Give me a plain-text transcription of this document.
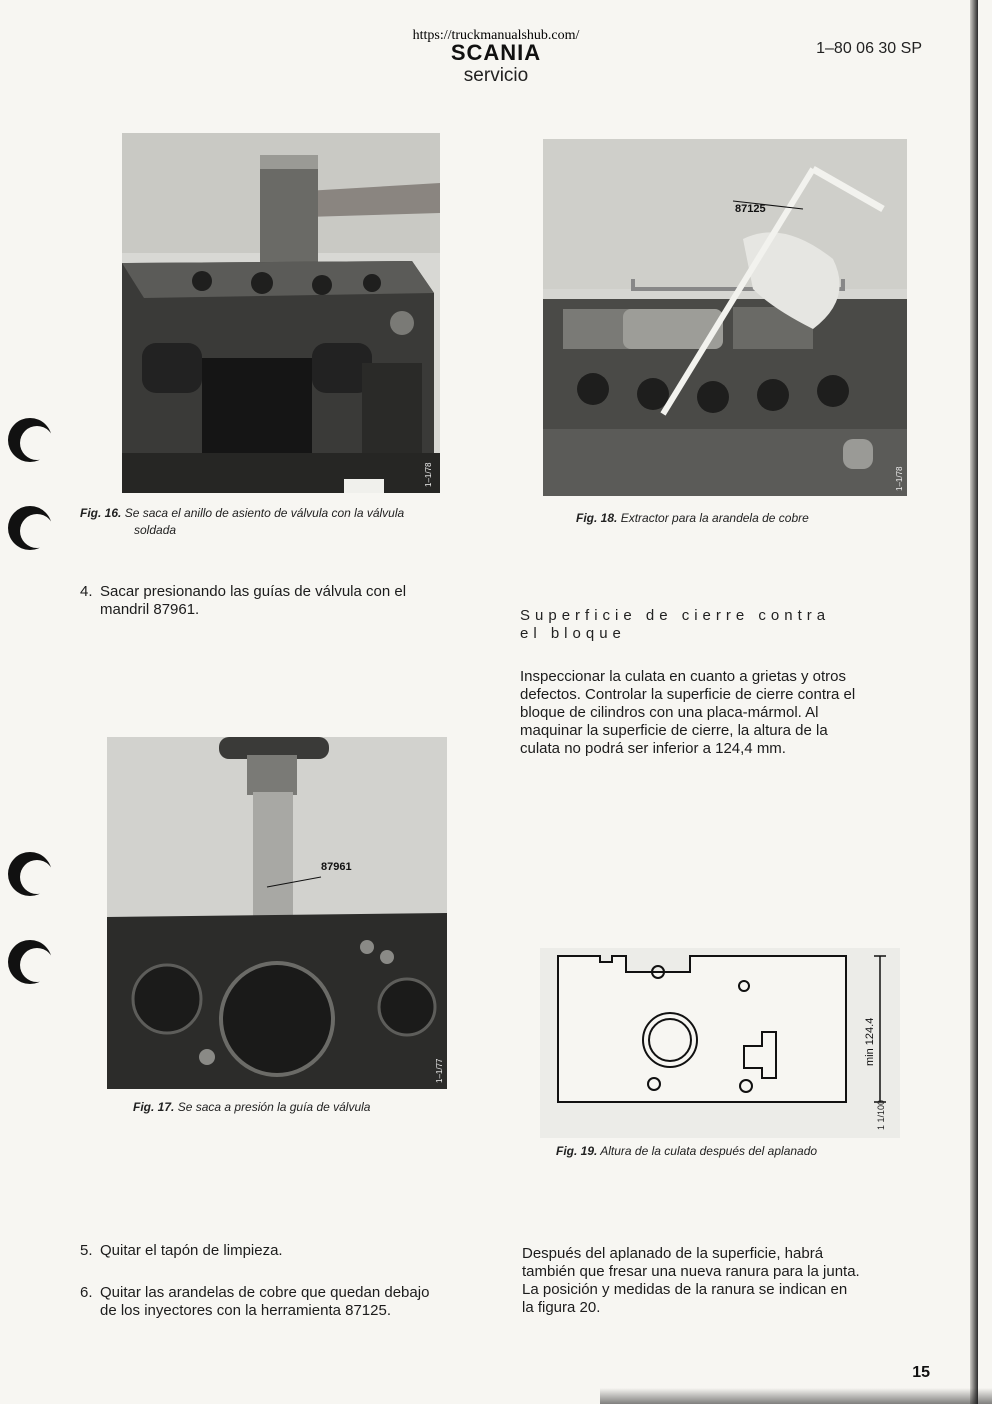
https://truckmanualshub.com/
SCANIA
servicio
1–80 06 30 SP
1–1/78
Fig. 16. Se saca el anillo de asiento de válvula con la válvula
soldada
87125
1–1/78
Fig. 18. Extractor para la arandela de cobre
4. Sacar presionando las guías de válvula con el
mandril 87961.	Superficie de cierre contra
el bloque
Inspeccionar la culata en cuanto a grietas y otros
defectos. Controlar la superficie de cierre contra el
bloque de cilindros con una placa-mármol. Al
maquinar la superficie de cierre, la altura de la
culata no podrá ser inferior a 124,4 mm.
87961
1–1/77
Fig. 17. Se saca a presión la guía de válvula
min 124.4
1 1/100
Fig. 19. Altura de la culata después del aplanado
5. Quitar el tapón de limpieza.
6. Quitar las arandelas de cobre que quedan debajo
de los inyectores con la herramienta 87125.
Después del aplanado de la superficie, habrá
también que fresar una nueva ranura para la junta.
La posición y medidas de la ranura se indican en
la figura 20.
15
